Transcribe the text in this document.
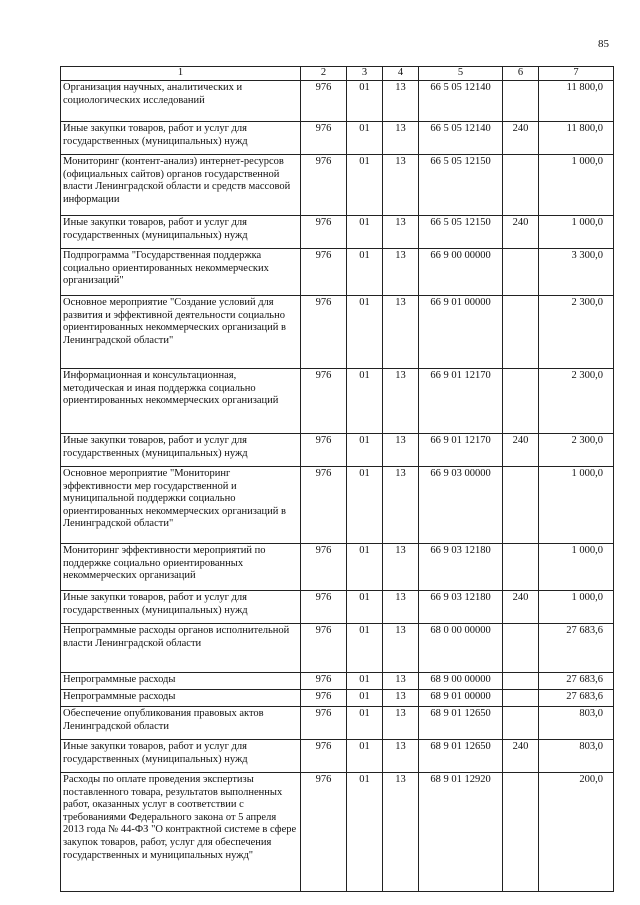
85
1	2	3	4	5	6	7
Организация научных, аналитических и социологических исследований	976	01	13	66 5 05 12140		11 800,0
Иные закупки товаров, работ и услуг для государственных (муниципальных) нужд	976	01	13	66 5 05 12140	240	11 800,0
Мониторинг (контент-анализ) интернет-ресурсов (официальных сайтов) органов государственной власти Ленинградской области и средств массовой информации	976	01	13	66 5 05 12150		1 000,0
Иные закупки товаров, работ и услуг для государственных (муниципальных) нужд	976	01	13	66 5 05 12150	240	1 000,0
Подпрограмма "Государственная поддержка социально ориентированных некоммерческих организаций"	976	01	13	66 9 00 00000		3 300,0
Основное мероприятие "Создание условий для развития и эффективной деятельности социально ориентированных некоммерческих организаций в Ленинградской области"	976	01	13	66 9 01 00000		2 300,0
Информационная и консультационная, методическая и иная поддержка социально ориентированных некоммерческих организаций	976	01	13	66 9 01 12170		2 300,0
Иные закупки товаров, работ и услуг для государственных (муниципальных) нужд	976	01	13	66 9 01 12170	240	2 300,0
Основное мероприятие "Мониторинг эффективности мер государственной и муниципальной поддержки социально ориентированных некоммерческих организаций в Ленинградской области"	976	01	13	66 9 03 00000		1 000,0
Мониторинг эффективности мероприятий по поддержке социально ориентированных некоммерческих организаций	976	01	13	66 9 03 12180		1 000,0
Иные закупки товаров, работ и услуг для государственных (муниципальных) нужд	976	01	13	66 9 03 12180	240	1 000,0
Непрограммные расходы органов исполнительной власти Ленинградской области	976	01	13	68 0 00 00000		27 683,6
Непрограммные расходы	976	01	13	68 9 00 00000		27 683,6
Непрограммные расходы	976	01	13	68 9 01 00000		27 683,6
Обеспечение опубликования правовых актов Ленинградской области	976	01	13	68 9 01 12650		803,0
Иные закупки товаров, работ и услуг для государственных (муниципальных) нужд	976	01	13	68 9 01 12650	240	803,0
Расходы по оплате проведения экспертизы поставленного товара, результатов выполненных работ, оказанных услуг в соответствии с требованиями Федерального закона от 5 апреля 2013 года № 44-ФЗ "О контрактной системе в сфере закупок товаров, работ, услуг для обеспечения государственных и муниципальных нужд"	976	01	13	68 9 01 12920		200,0
